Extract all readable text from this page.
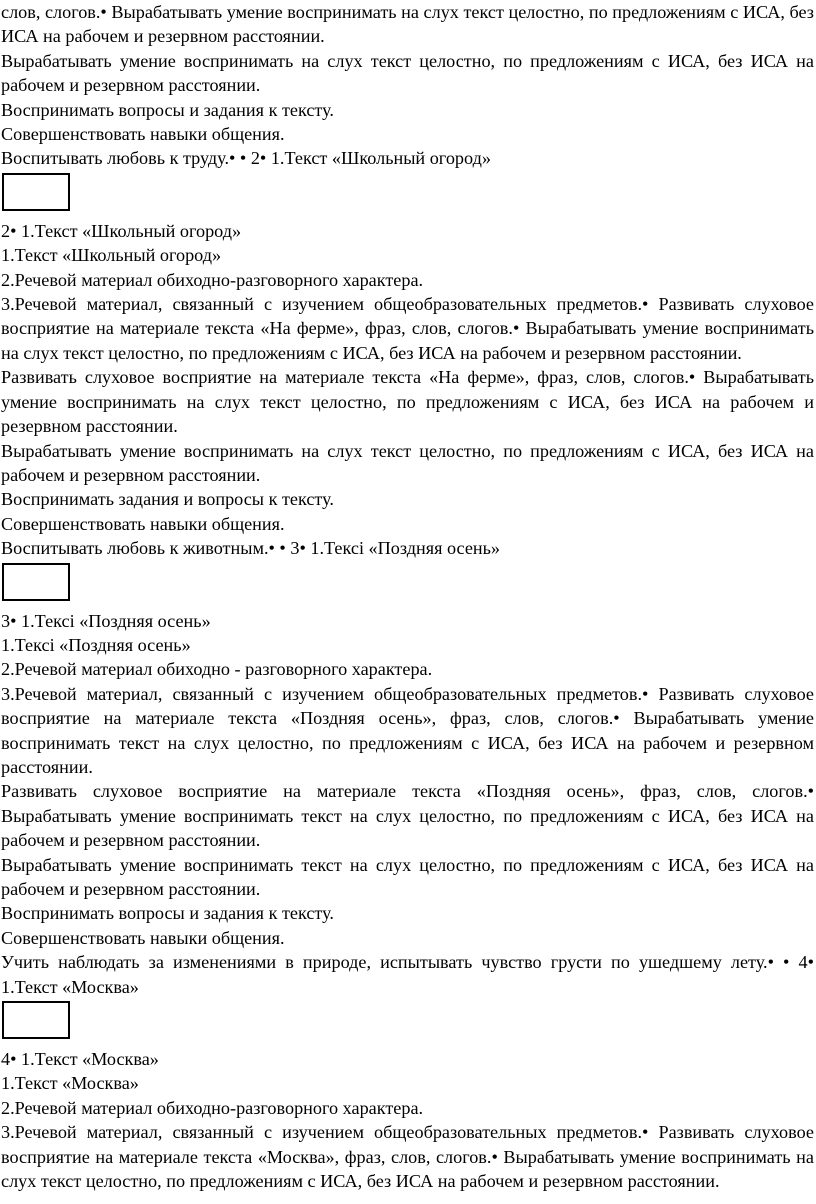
слов, слогов.• Вырабатывать умение воспринимать на слух текст целостно, по предложениям с ИСА, без ИСА на рабочем и резервном расстоянии.

Вырабатывать умение воспринимать на слух текст целостно, по предложениям с ИСА, без ИСА на рабочем и резервном расстоянии.

Воспринимать вопросы и задания к тексту.

Совершенствовать навыки общения.

Воспитывать любовь к труду.• • 2• 1.Текст «Школьный огород»

2• 1.Текст «Школьный огород»

1.Текст «Школьный огород»

2.Речевой материал обиходно-разговорного характера.

3.Речевой материал, связанный с изучением общеобразовательных предметов.• Развивать слуховое восприятие на материале текста «На ферме», фраз, слов, слогов.• Вырабатывать умение воспринимать на слух текст целостно, по предложениям с ИСА, без ИСА на рабочем и резервном расстоянии.

Развивать слуховое восприятие на материале текста «На ферме», фраз, слов, слогов.• Вырабатывать умение воспринимать на слух текст целостно, по предложениям с ИСА, без ИСА на рабочем и резервном расстоянии.

Вырабатывать умение воспринимать на слух текст целостно, по предложениям с ИСА, без ИСА на рабочем и резервном расстоянии.

Воспринимать задания и вопросы к тексту.

Совершенствовать навыки общения.

Воспитывать любовь к животным.• • 3• 1.Тексi «Поздняя осень»

3• 1.Тексi «Поздняя осень»

1.Тексi «Поздняя осень»

2.Речевой материал обиходно - разговорного характера.

3.Речевой материал, связанный с изучением общеобразовательных предметов.• Развивать слуховое восприятие на материале текста «Поздняя осень», фраз, слов, слогов.• Вырабатывать умение воспринимать текст на слух целостно, по предложениям с ИСА, без ИСА на рабочем и резервном расстоянии.

Развивать слуховое восприятие на материале текста «Поздняя осень», фраз, слов, слогов.• Вырабатывать умение воспринимать текст на слух целостно, по предложениям с ИСА, без ИСА на рабочем и резервном расстоянии.

Вырабатывать умение воспринимать текст на слух целостно, по предложениям с ИСА, без ИСА на рабочем и резервном расстоянии.

Воспринимать вопросы и задания к тексту.

Совершенствовать навыки общения.

Учить наблюдать за изменениями в природе, испытывать чувство грусти по ушедшему лету.• • 4• 1.Текст «Москва»

4• 1.Текст «Москва»

1.Текст «Москва»

2.Речевой материал обиходно-разговорного характера.

3.Речевой материал, связанный с изучением общеобразовательных предметов.• Развивать слуховое восприятие на материале текста «Москва», фраз, слов, слогов.• Вырабатывать умение воспринимать на слух текст целостно, по предложениям с ИСА, без ИСА на рабочем и резервном расстоянии.
